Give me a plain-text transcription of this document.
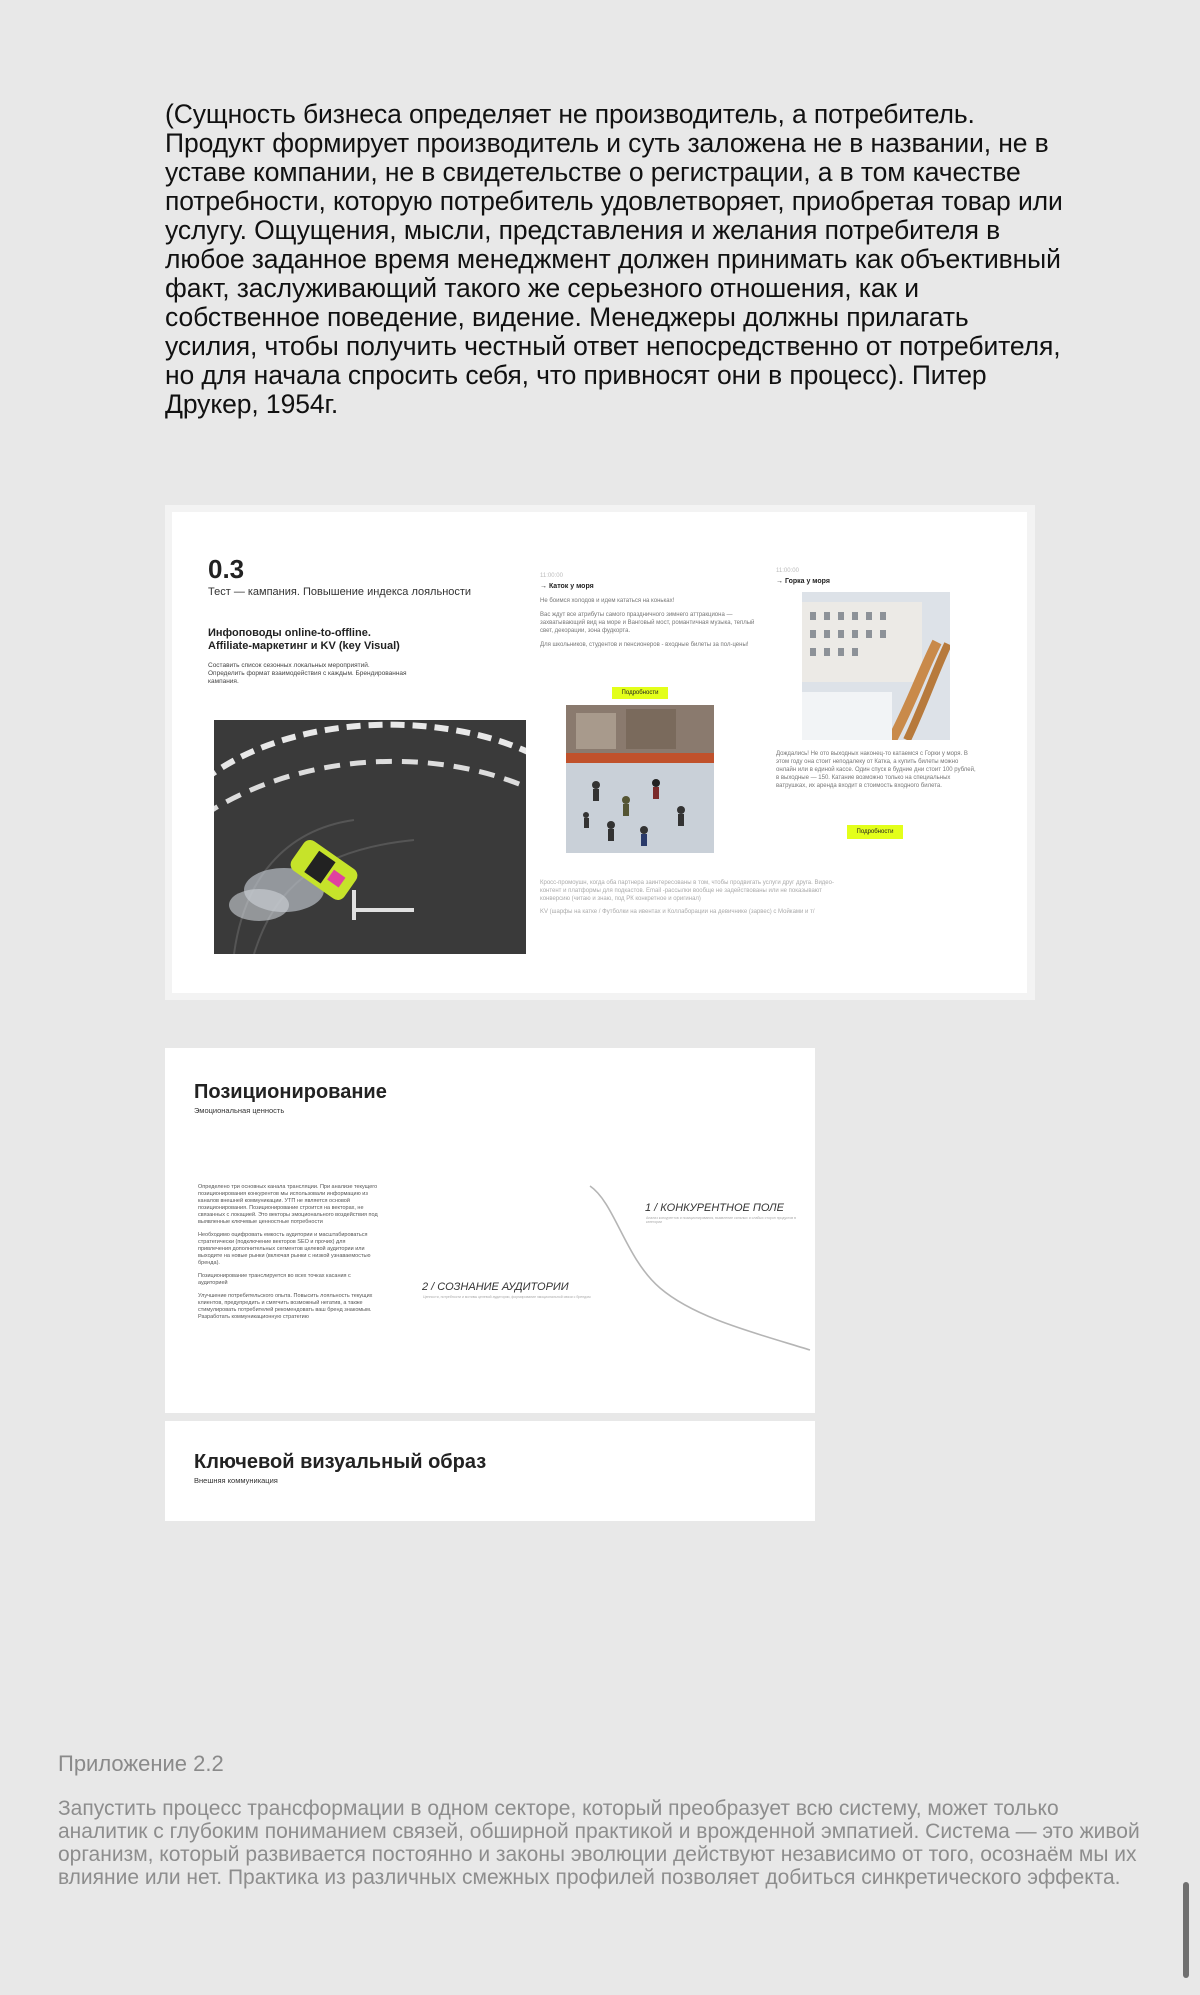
(Сущность бизнеса определяет не производитель, а потребитель. Продукт формирует производитель и суть заложена не в названии, не в уставе компании, не в свидетельстве о регистрации, а в том качестве потребности, которую потребитель удовлетворяет, приобретая товар или услугу. Ощущения, мысли, представления и желания потребителя в любое заданное время менеджмент должен принимать как объективный факт, заслуживающий такого же серьезного отношения, как и собственное поведение, видение. Менеджеры должны прилагать усилия, чтобы получить честный ответ непосредственно от потребителя, но для начала спросить себя, что привносят они в процесс). Питер Друкер, 1954г.
0.3
Тест — кампания. Повышение индекса лояльности
Инфоповоды online-to-offline.
Affiliate-маркетинг и KV (key Visual)
Составить список сезонных локальных мероприятий. Определить формат взаимодействия с каждым. Брендированная кампания.
11:00:00
→ Каток у моря
Не боимся холодов и идем кататься на коньках!
Вас ждут все атрибуты самого праздничного зимнего аттракциона — захватывающий вид на море и Ванговый мост, романтичная музыка, теплый свет, декорации, зона фудкорта.
Для школьников, студентов и пенсионеров - входные билеты за пол-цены!
Подробности
11:00:00
→ Горка у моря
Дождались! Не ото выходных наконец-то катаемся с Горки у моря. В этом году она стоит неподалеку от Катка, а купить билеты можно онлайн или в единой кассе. Один спуск в будние дни стоит 100 рублей, в выходные — 150. Катание возможно только на специальных ватрушках, их аренда входит в стоимость входного билета.
Подробности
Кросс-промоушн, когда оба партнера заинтересованы в том, чтобы продвигать услуги друг друга. Видео-контент и платформы для подкастов. Email -рассылки вообще не задействованы или не показывают конверсию (читаю и знаю, под РК конкретное и оригинал)
KV (шарфы на катке / Футболки на ивентах и Коллаборации на девичнике (зарвес) с Мойками и т/
Позиционирование
Эмоциональная ценность

Определено три основных канала трансляции. При анализе текущего позиционирования конкурентов мы использовали информацию из каналов внешней коммуникации. УТП не является основой позиционирования. Позиционирование строится на векторах, не связанных с локацией. Это векторы эмоционального воздействия под выявленные ключевые ценностные потребности

Необходимо оцифровать емкость аудитории и масштабироваться стратегически (подключение векторов SEO и прочих) для привлечения дополнительных сегментов целевой аудитории или выходите на новые рынки (включая рынки с низкой узнаваемостью бренда).

Позиционирование транслируется во всех точках касания с аудиторией

Улучшение потребительского опыта. Повысить лояльность текущих клиентов, предупредить и смягчить возможный негатив, а также стимулировать потребителей рекомендовать ваш бренд знакомым. Разработать коммуникационную стратегию

1 / КОНКУРЕНТНОЕ ПОЛЕ
Анализ конкурентов и позиционирования, выявление сильных и слабых сторон продуктов в категории
2 / СОЗНАНИЕ АУДИТОРИИ
Ценности, потребности и мотивы целевой аудитории, формирование эмоциональной связи с брендом
Ключевой визуальный образ
Внешняя коммуникация
Приложение 2.2
Запустить процесс трансформации в одном секторе, который преобразует всю систему, может только аналитик с глубоким пониманием связей, обширной практикой и врожденной эмпатией. Система — это живой организм, который развивается постоянно и законы эволюции действуют независимо от того, осознаём мы их влияние или нет. Практика из различных смежных профилей позволяет добиться синкретического эффекта.
